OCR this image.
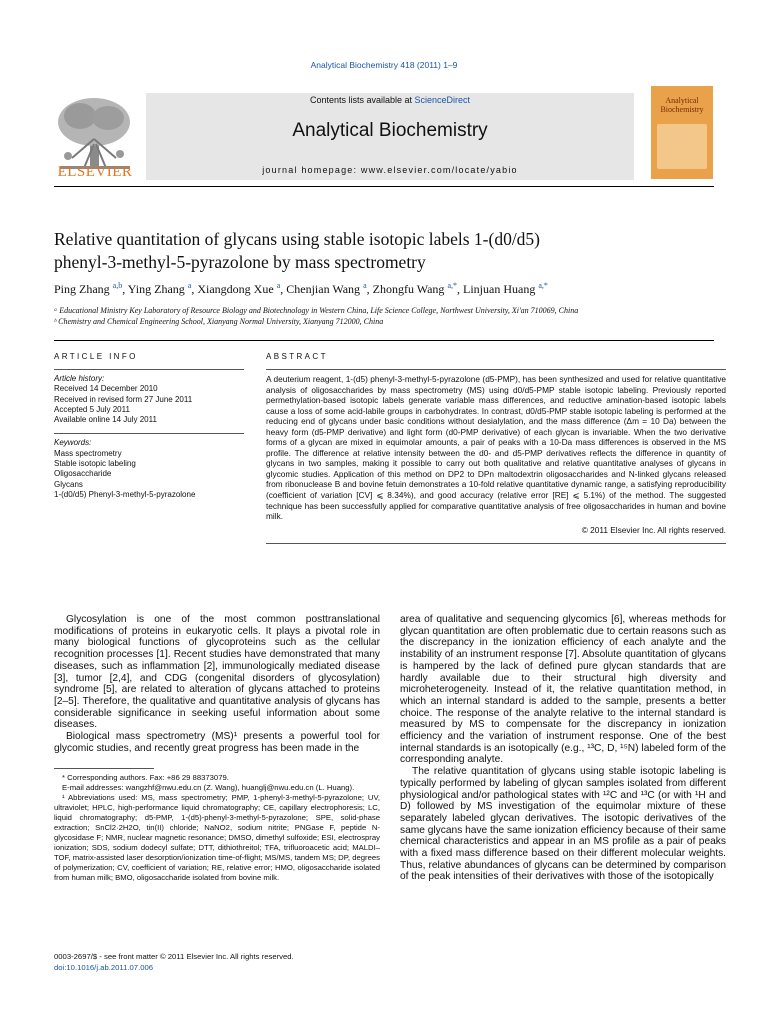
Analytical Biochemistry 418 (2011) 1–9
ELSEVIER
Contents lists available at ScienceDirect
Analytical Biochemistry
journal homepage: www.elsevier.com/locate/yabio
Analytical Biochemistry
Relative quantitation of glycans using stable isotopic labels 1-(d0/d5)
phenyl-3-methyl-5-pyrazolone by mass spectrometry
Ping Zhang $^{a,b}$, Ying Zhang $^a$, Xiangdong Xue $^a$, Chenjian Wang $^a$, Zhongfu Wang $^{a,*}$, Linjuan Huang $^{a,*}$
ᵃ Educational Ministry Key Laboratory of Resource Biology and Biotechnology in Western China, Life Science College, Northwest University, Xi'an 710069, China
ᵇ Chemistry and Chemical Engineering School, Xianyang Normal University, Xianyang 712000, China
ARTICLE INFO
Article history:
Received 14 December 2010
Received in revised form 27 June 2011
Accepted 5 July 2011
Available online 14 July 2011
Keywords:
Mass spectrometry
Stable isotopic labeling
Oligosaccharide
Glycans
1-(d0/d5) Phenyl-3-methyl-5-pyrazolone
ABSTRACT
A deuterium reagent, 1-(d5) phenyl-3-methyl-5-pyrazolone (d5-PMP), has been synthesized and used for relative quantitative analysis of oligosaccharides by mass spectrometry (MS) using d0/d5-PMP stable isotopic labeling. Previously reported permethylation-based isotopic labels generate variable mass differences, and reductive amination-based isotopic labels cause a loss of some acid-labile groups in carbohydrates. In contrast, d0/d5-PMP stable isotopic labeling is performed at the reducing end of glycans under basic conditions without desialylation, and the mass difference (Δm = 10 Da) between the heavy form (d5-PMP derivative) and light form (d0-PMP derivative) of each glycan is invariable. When the two derivative forms of a glycan are mixed in equimolar amounts, a pair of peaks with a 10-Da mass differences is observed in the MS profile. The difference at relative intensity between the d0- and d5-PMP derivatives reflects the difference in quantity of glycans in two samples, making it possible to carry out both qualitative and relative quantitative analyses of glycans in glycomic studies. Application of this method on DP2 to DPn maltodextrin oligosaccharides and N-linked glycans released from ribonuclease B and bovine fetuin demonstrates a 10-fold relative quantitative dynamic range, a satisfying reproducibility (coefficient of variation [CV] ⩽ 8.34%), and good accuracy (relative error [RE] ⩽ 5.1%) of the method. The suggested technique has been successfully applied for comparative quantitative analysis of free oligosaccharides in human and bovine milk.
© 2011 Elsevier Inc. All rights reserved.

Glycosylation is one of the most common posttranslational modifications of proteins in eukaryotic cells. It plays a pivotal role in many biological functions of glycoproteins such as the cellular recognition processes [1]. Recent studies have demonstrated that many diseases, such as inflammation [2], immunologically mediated disease [3], tumor [2,4], and CDG (congenital disorders of glycosylation) syndrome [5], are related to alteration of glycans attached to proteins [2–5]. Therefore, the qualitative and quantitative analysis of glycans has considerable significance in seeking useful information about some diseases.

Biological mass spectrometry (MS)¹ presents a powerful tool for glycomic studies, and recently great progress has been made in the

* Corresponding authors. Fax: +86 29 88373079.
E-mail addresses: wangzhf@nwu.edu.cn (Z. Wang), huanglj@nwu.edu.cn (L. Huang).
¹ Abbreviations used: MS, mass spectrometry; PMP, 1-phenyl-3-methyl-5-pyrazolone; UV, ultraviolet; HPLC, high-performance liquid chromatography; CE, capillary electrophoresis; LC, liquid chromatography; d5-PMP, 1-(d5)-phenyl-3-methyl-5-pyrazolone; SPE, solid-phase extraction; SnCl2·2H2O, tin(II) chloride; NaNO2, sodium nitrite; PNGase F, peptide N-glycosidase F; NMR, nuclear magnetic resonance; DMSO, dimethyl sulfoxide; ESI, electrospray ionization; SDS, sodium dodecyl sulfate; DTT, dithiothreitol; TFA, trifluoroacetic acid; MALDI–TOF, matrix-assisted laser desorption/ionization time-of-flight; MS/MS, tandem MS; DP, degrees of polymerization; CV, coefficient of variation; RE, relative error; HMO, oligosaccharide isolated from human milk; BMO, oligosaccharide isolated from bovine milk.
0003-2697/$ - see front matter © 2011 Elsevier Inc. All rights reserved.
doi:10.1016/j.ab.2011.07.006

area of qualitative and sequencing glycomics [6], whereas methods for glycan quantitation are often problematic due to certain reasons such as the discrepancy in the ionization efficiency of each analyte and the instability of an instrument response [7]. Absolute quantitation of glycans is hampered by the lack of defined pure glycan standards that are hardly available due to their structural high diversity and microheterogeneity. Instead of it, the relative quantitation method, in which an internal standard is added to the sample, presents a better choice. The response of the analyte relative to the internal standard is measured by MS to compensate for the discrepancy in ionization efficiency and the variation of instrument response. One of the best internal standards is an isotopically (e.g., ¹³C, D, ¹⁵N) labeled form of the corresponding analyte.

The relative quantitation of glycans using stable isotopic labeling is typically performed by labeling of glycan samples isolated from different physiological and/or pathological states with ¹²C and ¹³C (or with ¹H and D) followed by MS investigation of the equimolar mixture of these separately labeled glycan derivatives. The isotopic derivatives of the same glycans have the same ionization efficiency because of their same chemical characteristics and appear in an MS profile as a pair of peaks with a fixed mass difference based on their different molecular weights. Thus, relative abundances of glycans can be determined by comparison of the peak intensities of their derivatives with those of the isotopically
